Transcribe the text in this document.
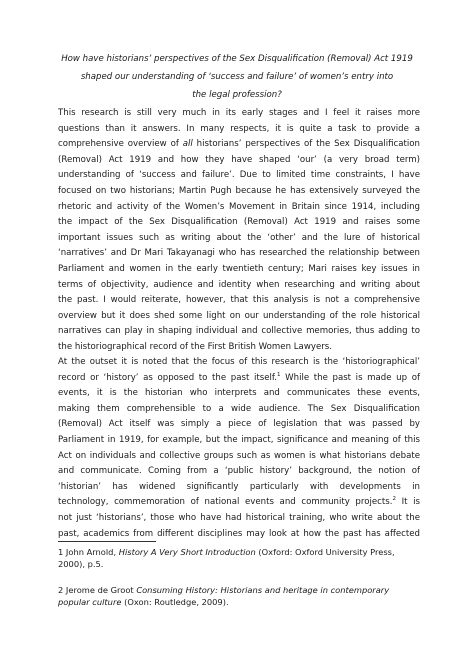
How have historians’ perspectives of the Sex Disqualification (Removal) Act 1919
shaped our understanding of ‘success and failure’ of women’s entry into
the legal profession?
This research is still very much in its early stages and I feel it raises more
questions than it answers. In many respects, it is quite a task to provide a
comprehensive overview of all historians’ perspectives of the Sex Disqualification
(Removal) Act 1919 and how they have shaped ‘our’ (a very broad term)
understanding of ‘success and failure’. Due to limited time constraints, I have
focused on two historians; Martin Pugh because he has extensively surveyed the
rhetoric and activity of the Women’s Movement in Britain since 1914, including
the impact of the Sex Disqualification (Removal) Act 1919 and raises some
important issues such as writing about the ‘other’ and the lure of historical
‘narratives’ and Dr Mari Takayanagi who has researched the relationship between
Parliament and women in the early twentieth century; Mari raises key issues in
terms of objectivity, audience and identity when researching and writing about
the past. I would reiterate, however, that this analysis is not a comprehensive
overview but it does shed some light on our understanding of the role historical
narratives can play in shaping individual and collective memories, thus adding to
the historiographical record of the First British Women Lawyers.
At the outset it is noted that the focus of this research is the ‘historiographical’
record or ‘history’ as opposed to the past itself.$^1$ While the past is made up of
events, it is the historian who interprets and communicates these events,
making them comprehensible to a wide audience. The Sex Disqualification
(Removal) Act itself was simply a piece of legislation that was passed by
Parliament in 1919, for example, but the impact, significance and meaning of this
Act on individuals and collective groups such as women is what historians debate
and communicate. Coming from a ‘public history’ background, the notion of
‘historian’ has widened significantly particularly with developments in
technology, commemoration of national events and community projects.$^2$ It is
not just ‘historians’, those who have had historical training, who write about the
past, academics from different disciplines may look at how the past has affected
1 John Arnold, History A Very Short Introduction (Oxford: Oxford University Press,
2000), p.5.
2 Jerome de Groot Consuming History: Historians and heritage in contemporary
popular culture (Oxon: Routledge, 2009).
